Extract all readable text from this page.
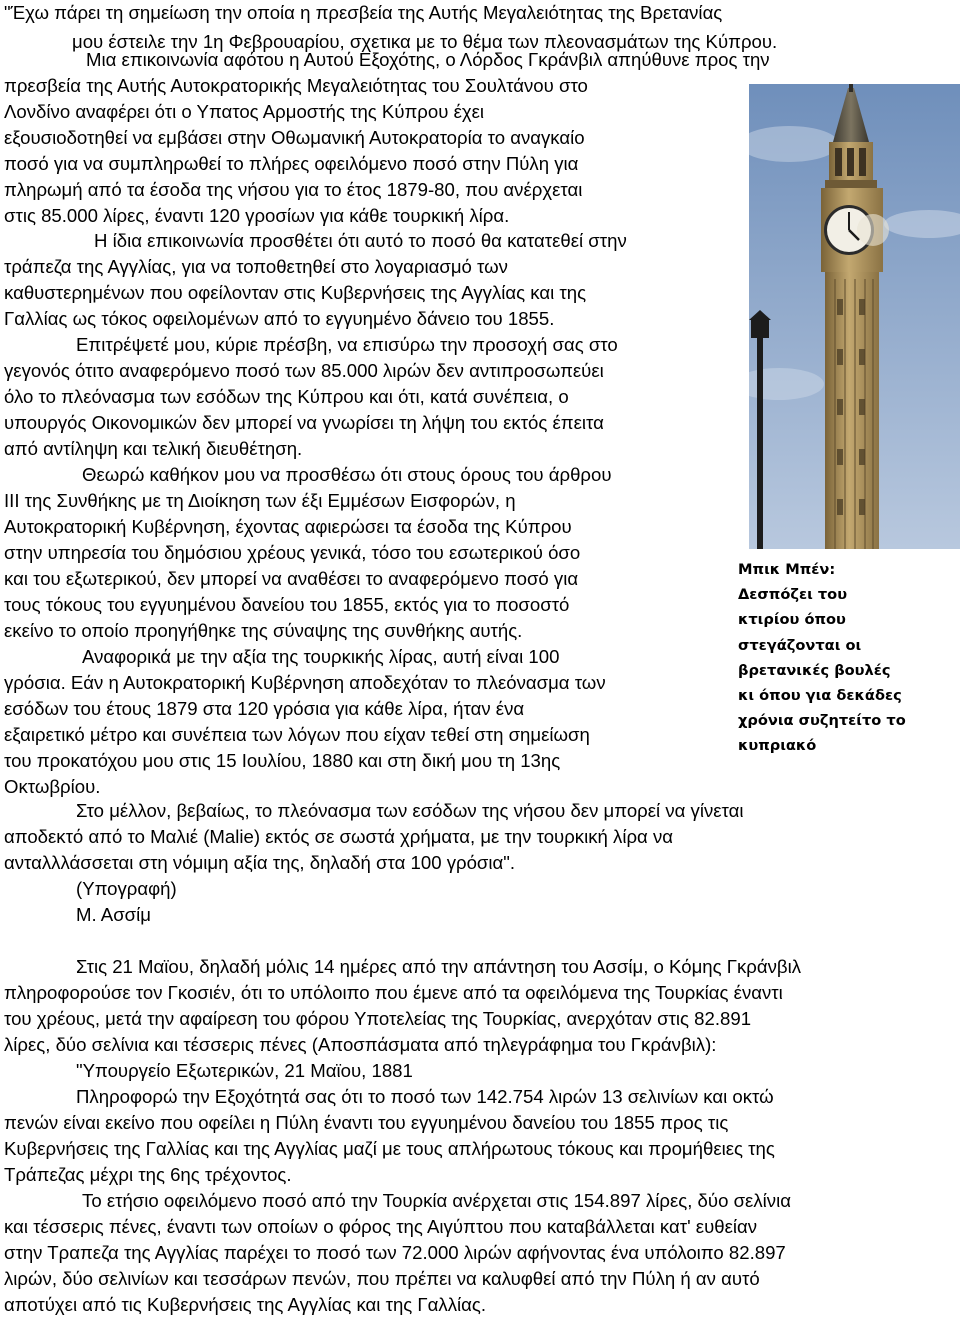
"Έχω πάρει τη σημείωση την οποία η πρεσβεία της Αυτής Μεγαλειότητας της Βρετανίας

μου έστειλε την 1η Φεβρουαρίου, σχετικα με το θέμα των πλεονασμάτων της Κύπρου.

Μια επικοινωνία αφότου η Αυτού Εξοχότης, ο Λόρδος Γκράνβιλ απηύθυνε προς την

πρεσβεία της Αυτής Αυτοκρατορικής Μεγαλειότητας του Σουλτάνου στο

Λονδίνο αναφέρει ότι ο Υπατος Αρμοστής της Κύπρου έχει

εξουσιοδοτηθεί να εμβάσει στην Οθωμανική Αυτοκρατορία το αναγκαίο

ποσό για να συμπληρωθεί το πλήρες οφειλόμενο ποσό στην Πύλη για

πληρωμή από τα έσοδα της νήσου για το έτος 1879-80, που ανέρχεται

στις 85.000 λίρες, έναντι 120 γροσίων για κάθε τουρκική λίρα.

Η ίδια επικοινωνία προσθέτει ότι αυτό το ποσό θα κατατεθεί στην

τράπεζα της Αγγλίας, για να τοποθετηθεί στο λογαριασμό των

καθυστερημένων που οφείλονταν στις Κυβερνήσεις της Αγγλίας και της

Γαλλίας ως τόκος οφειλομένων από το εγγυημένο δάνειο του 1855.

Επιτρέψετέ μου, κύριε πρέσβη, να επισύρω την προσοχή σας στο

γεγονός ότιτο αναφερόμενο ποσό των 85.000 λιρών δεν αντιπροσωπεύει

όλο το πλεόνασμα των εσόδων της Κύπρου και ότι, κατά συνέπεια, ο

υπουργός Οικονομικών δεν μπορεί να γνωρίσει τη λήψη του εκτός έπειτα

από αντίληψη και τελική διευθέτηση.

Θεωρώ καθήκον μου να προσθέσω ότι στους όρους του άρθρου

ΙΙΙ της Συνθήκης με τη Διοίκηση των έξι Εμμέσων Εισφορών, η

Αυτοκρατορική Κυβέρνηση, έχοντας αφιερώσει τα έσοδα της Κύπρου

στην υπηρεσία του δημόσιου χρέους γενικά, τόσο του εσωτερικού όσο

και του εξωτερικού, δεν μπορεί να αναθέσει το αναφερόμενο ποσό για

τους τόκους του εγγυημένου δανείου του 1855, εκτός για το ποσοστό

εκείνο το οποίο προηγήθηκε της σύναψης της συνθήκης αυτής.

Αναφορικά με την αξία της τουρκικής λίρας, αυτή είναι 100

γρόσια. Εάν η Αυτοκρατορική Κυβέρνηση αποδεχόταν το πλεόνασμα των

εσόδων του έτους 1879 στα 120 γρόσια για κάθε λίρα, ήταν ένα

εξαιρετικό μέτρο και συνέπεια των λόγων που είχαν τεθεί στη σημείωση

του προκατόχου μου στις 15 Ιουλίου, 1880 και στη δική μου τη 13ης

Οκτωβρίου.

Στο μέλλον, βεβαίως, το πλεόνασμα των εσόδων της νήσου δεν μπορεί να γίνεται

αποδεκτό από το Μαλιέ (Malie) εκτός σε σωστά χρήματα, με την τουρκική λίρα να

ανταλλλάσσεται στη νόμιμη αξία της, δηλαδή στα 100 γρόσια".

(Υπογραφή)

Μ. Ασσίμ

Στις 21 Μαϊου, δηλαδή μόλις 14 ημέρες από την απάντηση του Ασσίμ, ο Κόμης Γκράνβιλ

πληροφορούσε τον Γκοσιέν, ότι το υπόλοιπο που έμενε από τα οφειλόμενα της Τουρκίας έναντι

του χρέους, μετά την αφαίρεση του φόρου Υποτελείας της Τουρκίας, ανερχόταν στις 82.891

λίρες, δύο σελίνια και τέσσερις πένες (Αποσπάσματα από τηλεγράφημα του Γκράνβιλ):

"Υπουργείο Εξωτερικών, 21 Μαϊου, 1881

Πληροφορώ την Εξοχότητά σας ότι το ποσό των 142.754 λιρών 13 σελινίων και οκτώ

πενών είναι εκείνο που οφείλει η Πύλη έναντι του εγγυημένου δανείου του 1855 προς τις

Κυβερνήσεις της Γαλλίας και της Αγγλίας μαζί με τους απλήρωτους τόκους και προμήθειες της

Τράπεζας μέχρι της 6ης τρέχοντος.

Το ετήσιο οφειλόμενο ποσό από την Τουρκία ανέρχεται στις 154.897 λίρες, δύο σελίνια

και τέσσερις πένες, έναντι των οποίων ο φόρος της Αιγύπτου που καταβάλλεται κατ' ευθείαν

στην Τραπεζα της Αγγλίας παρέχει το ποσό των 72.000 λιρών αφήνοντας ένα υπόλοιπο 82.897

λιρών, δύο σελινίων και τεσσάρων πενών, που πρέπει να καλυφθεί από την Πύλη ή αν αυτό

αποτύχει από τις Κυβερνήσεις της Αγγλίας και της Γαλλίας.

Μπικ Μπέν:
Δεσπόζει του
κτιρίου όπου
στεγάζονται οι
βρετανικές βουλές
κι όπου για δεκάδες
χρόνια συζητείτο το
κυπριακό
